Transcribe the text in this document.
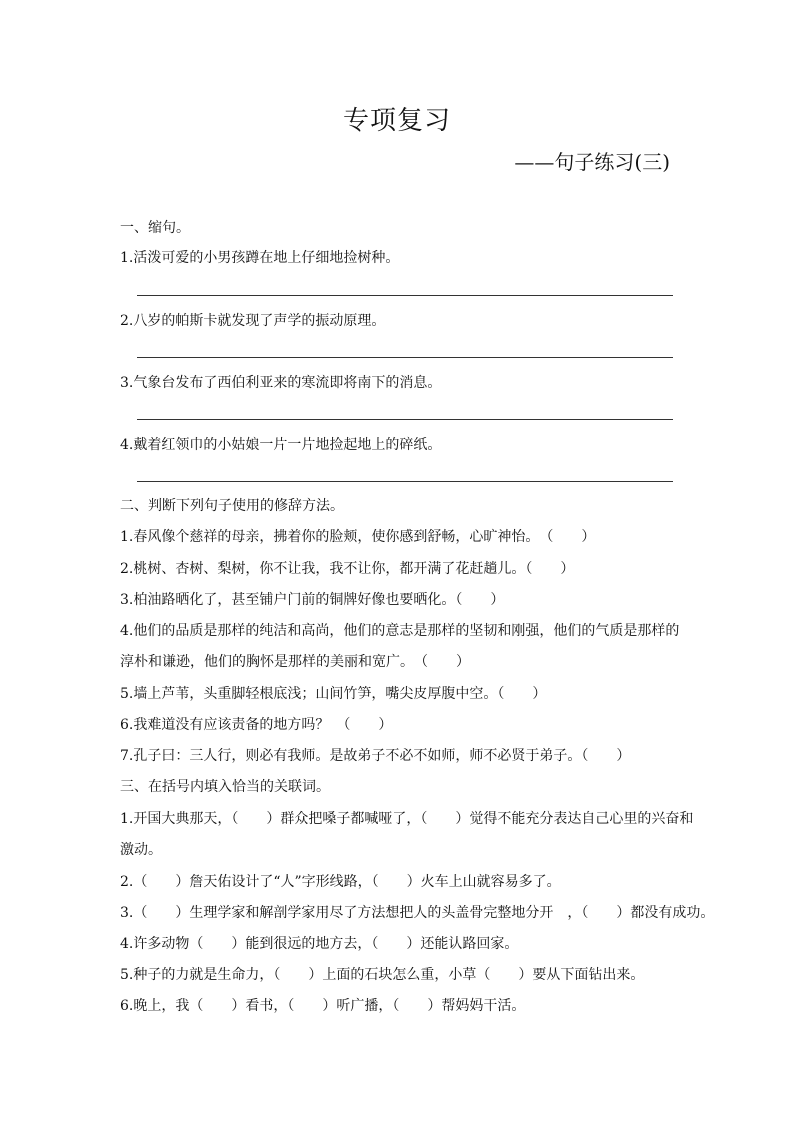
专项复习
——句子练习(三)
一、缩句。
1.活泼可爱的小男孩蹲在地上仔细地捡树种。
2.八岁的帕斯卡就发现了声学的振动原理。
3.气象台发布了西伯利亚来的寒流即将南下的消息。
4.戴着红领巾的小姑娘一片一片地捡起地上的碎纸。
二、判断下列句子使用的修辞方法。
1.春风像个慈祥的母亲，拂着你的脸颊，使你感到舒畅，心旷神怡。　（　　）
2.桃树、杏树、梨树，你不让我，我不让你，都开满了花赶趟儿。（　　）
3.柏油路晒化了，甚至铺户门前的铜牌好像也要晒化。（　　）
4.他们的品质是那样的纯洁和高尚，他们的意志是那样的坚韧和刚强，他们的气质是那样的
淳朴和谦逊，他们的胸怀是那样的美丽和宽广。　（　　）
5.墙上芦苇，头重脚轻根底浅；山间竹笋，嘴尖皮厚腹中空。（　　）
6.我难道没有应该责备的地方吗？　（　　）
7.孔子曰：三人行，则必有我师。是故弟子不必不如师，师不必贤于弟子。（　　）
三、在括号内填入恰当的关联词。
1.开国大典那天，（　　）群众把嗓子都喊哑了，（　　）觉得不能充分表达自己心里的兴奋和
激动。
2.（　　）詹天佑设计了“人”字形线路，（　　）火车上山就容易多了。
3.（　　）生理学家和解剖学家用尽了方法想把人的头盖骨完整地分开　，（　　）都没有成功。
4.许多动物（　　）能到很远的地方去，（　　）还能认路回家。
5.种子的力就是生命力，（　　）上面的石块怎么重，小草（　　）要从下面钻出来。
6.晚上，我（　　）看书，（　　）听广播，（　　）帮妈妈干活。
